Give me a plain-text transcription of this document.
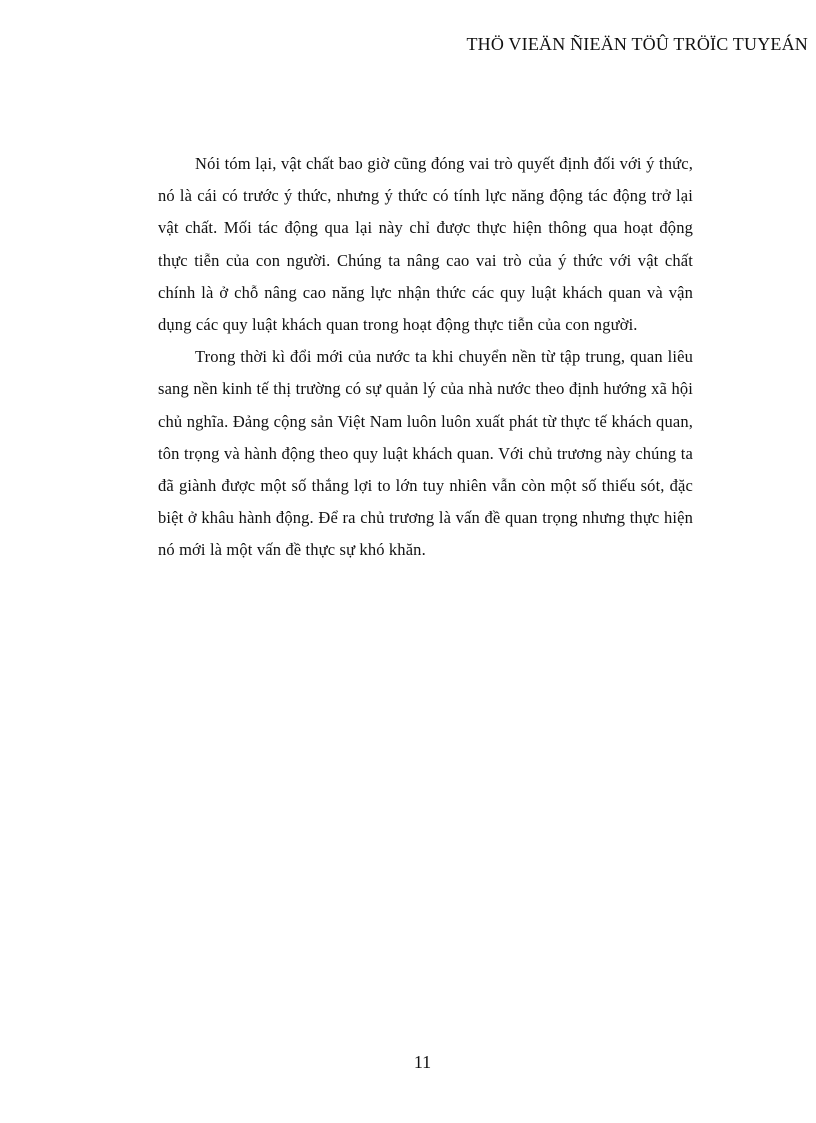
THÖ VIEÄN ÑIEÄN TÖÛ TRÖÏC TUYEÁN

Nói tóm lại, vật chất bao giờ cũng đóng vai trò quyết định đối với ý thức, nó là cái có trước ý thức, nhưng ý thức có tính lực năng động tác động trở lại vật chất. Mối tác động qua lại này chỉ được thực hiện thông qua hoạt động thực tiễn của con người. Chúng ta nâng cao vai trò của ý thức với vật chất chính là ở chỗ nâng cao năng lực nhận thức các quy luật khách quan và vận dụng các quy luật khách quan trong hoạt động thực tiễn của con người.

Trong thời kì đổi mới của nước ta khi chuyển nền từ tập trung, quan liêu sang nền kinh tế thị trường có sự quản lý của nhà nước theo định hướng xã hội chủ nghĩa. Đảng cộng sản Việt Nam luôn luôn xuất phát từ thực tế khách quan, tôn trọng và hành động theo quy luật khách quan. Với chủ trương này chúng ta đã giành được một số thắng lợi to lớn tuy nhiên vẫn còn một số thiếu sót, đặc biệt ở khâu hành động. Để ra chủ trương là vấn đề quan trọng nhưng thực hiện nó mới là một vấn đề thực sự khó khăn.

11
